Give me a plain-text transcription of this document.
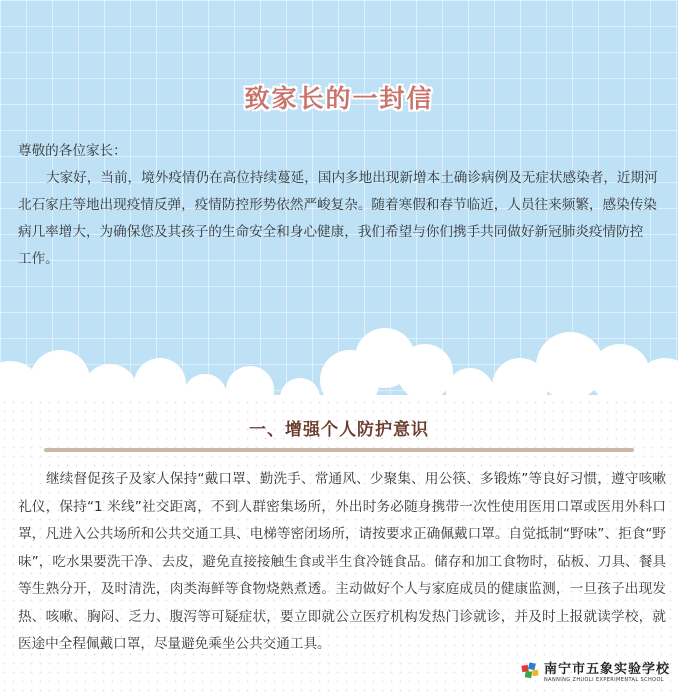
致家长的一封信

尊敬的各位家长：

大家好，当前，境外疫情仍在高位持续蔓延，国内多地出现新增本土确诊病例及无症状感染者，近期河北石家庄等地出现疫情反弹，疫情防控形势依然严峻复杂。随着寒假和春节临近，人员往来频繁，感染传染病几率增大，为确保您及其孩子的生命安全和身心健康，我们希望与你们携手共同做好新冠肺炎疫情防控

工作。

一、增强个人防护意识

继续督促孩子及家人保持“戴口罩、勤洗手、常通风、少聚集、用公筷、多锻炼”等良好习惯，遵守咳嗽礼仪，保持“1 米线”社交距离，不到人群密集场所，外出时务必随身携带一次性使用医用口罩或医用外科口罩，凡进入公共场所和公共交通工具、电梯等密闭场所，请按要求正确佩戴口罩。自觉抵制“野味”、拒食“野味”，吃水果要洗干净、去皮，避免直接接触生食或半生食冷链食品。储存和加工食物时，砧板、刀具、餐具等生熟分开，及时清洗，肉类海鲜等食物烧熟煮透。主动做好个人与家庭成员的健康监测，一旦孩子出现发热、咳嗽、胸闷、乏力、腹泻等可疑症状，要立即就公立医疗机构发热门诊就诊，并及时上报就读学校，就医途中全程佩戴口罩，尽量避免乘坐公共交通工具。

南宁市五象实验学校
NANNING ZHUOLI EXPERIMENTAL SCHOOL
